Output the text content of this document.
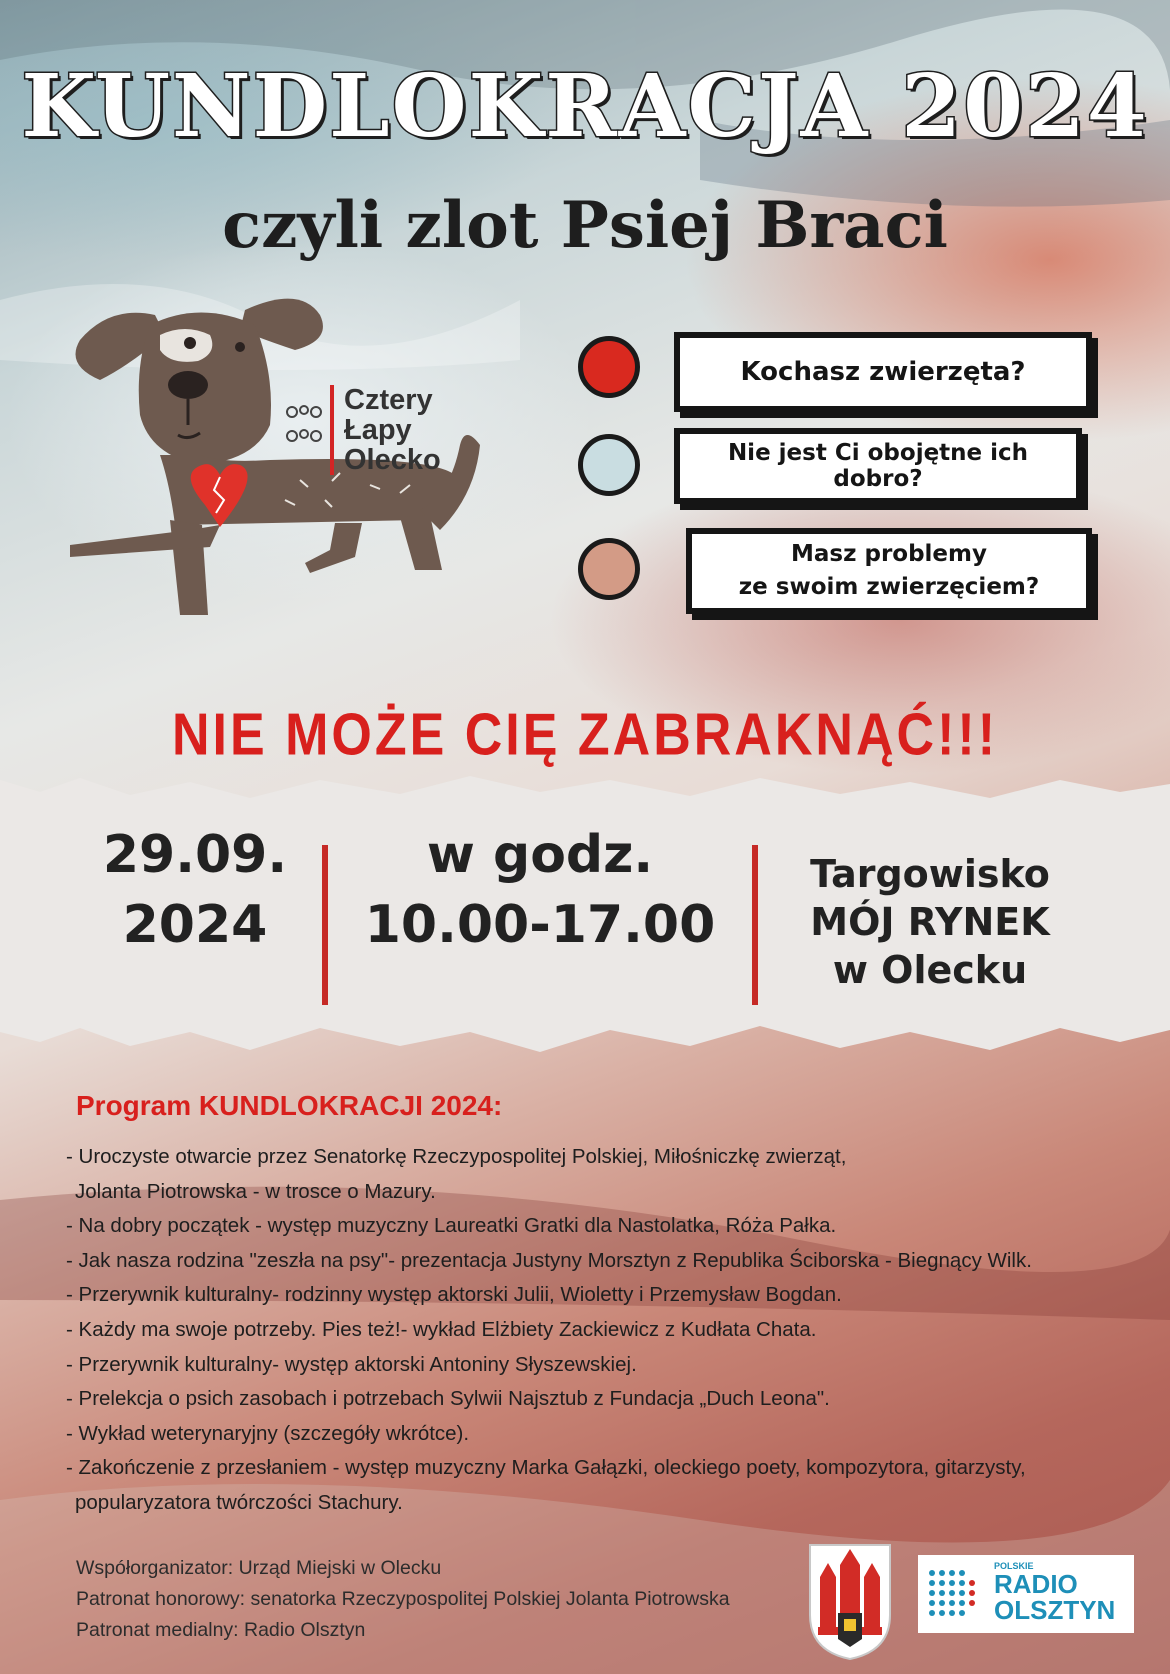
KUNDLOKRACJA 2024
czyli zlot Psiej Braci
Cztery
Łapy
Olecko
Kochasz zwierzęta?
Nie jest Ci obojętne ich dobro?
Masz problemy
ze swoim zwierzęciem?
NIE MOŻE CIĘ ZABRAKNĄĆ!!!
29.09.
2024
w godz.
10.00-17.00
Targowisko
MÓJ RYNEK
w Olecku
Program KUNDLOKRACJI 2024:
- Uroczyste otwarcie przez Senatorkę Rzeczypospolitej Polskiej, Miłośniczkę zwierząt,
Jolanta Piotrowska - w trosce o Mazury.
- Na dobry początek - występ muzyczny Laureatki Gratki dla Nastolatka, Róża Pałka.
- Jak nasza rodzina "zeszła na psy"- prezentacja Justyny Morsztyn z Republika Ściborska - Biegnący Wilk.
- Przerywnik kulturalny- rodzinny występ aktorski Julii, Wioletty i Przemysław Bogdan.
- Każdy ma swoje potrzeby. Pies też!- wykład Elżbiety Zackiewicz z Kudłata Chata.
- Przerywnik kulturalny- występ aktorski Antoniny Słyszewskiej.
- Prelekcja o psich zasobach i potrzebach Sylwii Najsztub z Fundacja „Duch Leona".
- Wykład weterynaryjny (szczegóły wkrótce).
- Zakończenie z przesłaniem - występ muzyczny Marka Gałązki, oleckiego poety, kompozytora, gitarzysty,
popularyzatora twórczości Stachury.
Współorganizator: Urząd Miejski w Olecku
Patronat honorowy: senatorka Rzeczypospolitej Polskiej Jolanta Piotrowska
Patronat medialny: Radio Olsztyn
POLSKIE
RADIO
OLSZTYN
